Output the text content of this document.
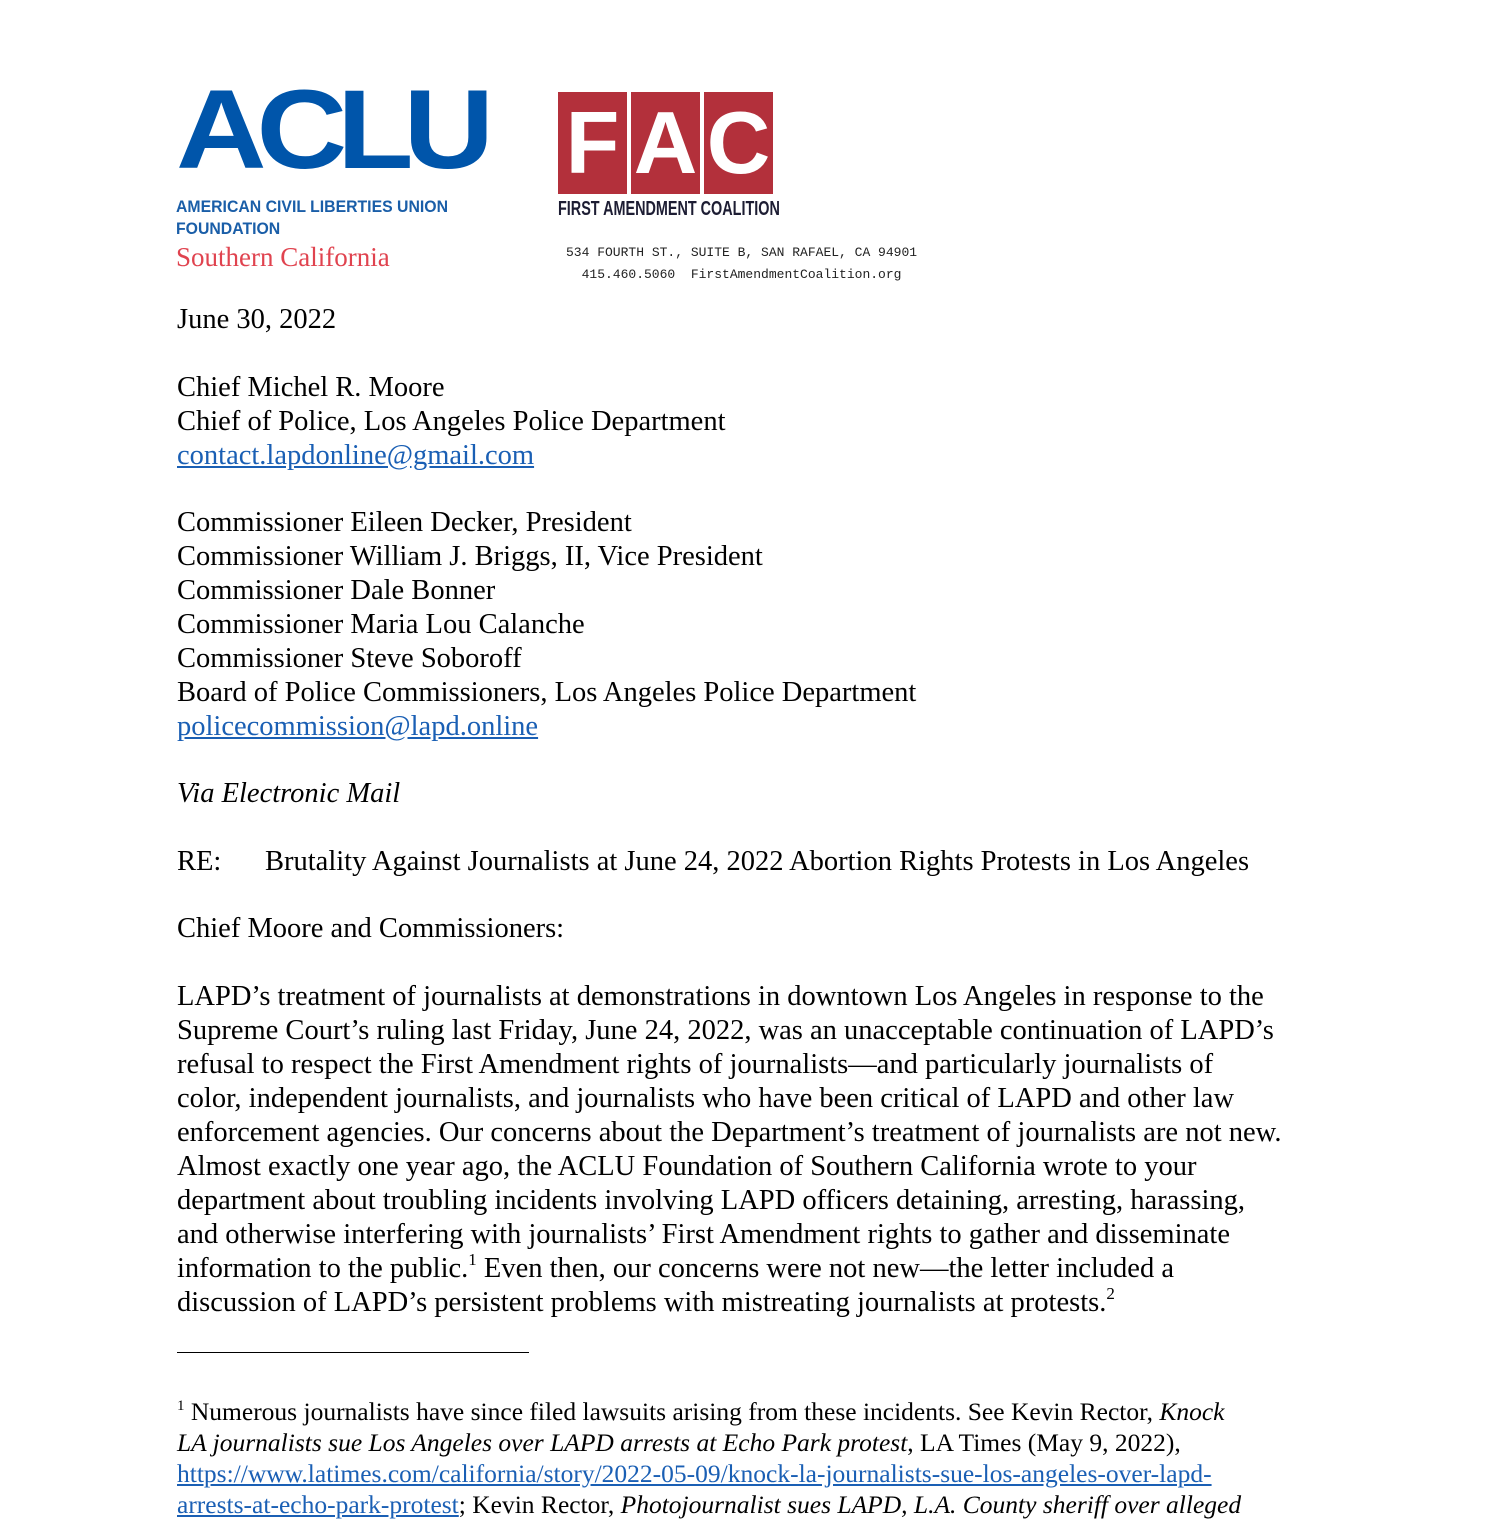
ACLU
AMERICAN CIVIL LIBERTIES UNION
FOUNDATION
Southern California
F A C
FIRST AMENDMENT COALITION
534 FOURTH ST., SUITE B, SAN RAFAEL, CA 94901
415.460.5060 FirstAmendmentCoalition.org
June 30, 2022
Chief Michel R. Moore
Chief of Police, Los Angeles Police Department
contact.lapdonline@gmail.com
Commissioner Eileen Decker, President
Commissioner William J. Briggs, II, Vice President
Commissioner Dale Bonner
Commissioner Maria Lou Calanche
Commissioner Steve Soboroff
Board of Police Commissioners, Los Angeles Police Department
policecommission@lapd.online
Via Electronic Mail
RE: Brutality Against Journalists at June 24, 2022 Abortion Rights Protests in Los Angeles
Chief Moore and Commissioners:
LAPD’s treatment of journalists at demonstrations in downtown Los Angeles in response to the
Supreme Court’s ruling last Friday, June 24, 2022, was an unacceptable continuation of LAPD’s
refusal to respect the First Amendment rights of journalists—and particularly journalists of
color, independent journalists, and journalists who have been critical of LAPD and other law
enforcement agencies. Our concerns about the Department’s treatment of journalists are not new.
Almost exactly one year ago, the ACLU Foundation of Southern California wrote to your
department about troubling incidents involving LAPD officers detaining, arresting, harassing,
and otherwise interfering with journalists’ First Amendment rights to gather and disseminate
information to the public.$^1$ Even then, our concerns were not new—the letter included a
discussion of LAPD’s persistent problems with mistreating journalists at protests.$^2$
$^1$ Numerous journalists have since filed lawsuits arising from these incidents. See Kevin Rector, Knock
LA journalists sue Los Angeles over LAPD arrests at Echo Park protest, LA Times (May 9, 2022),
https://www.latimes.com/california/story/2022-05-09/knock-la-journalists-sue-los-angeles-over-lapd-
arrests-at-echo-park-protest; Kevin Rector, Photojournalist sues LAPD, L.A. County sheriff over alleged
